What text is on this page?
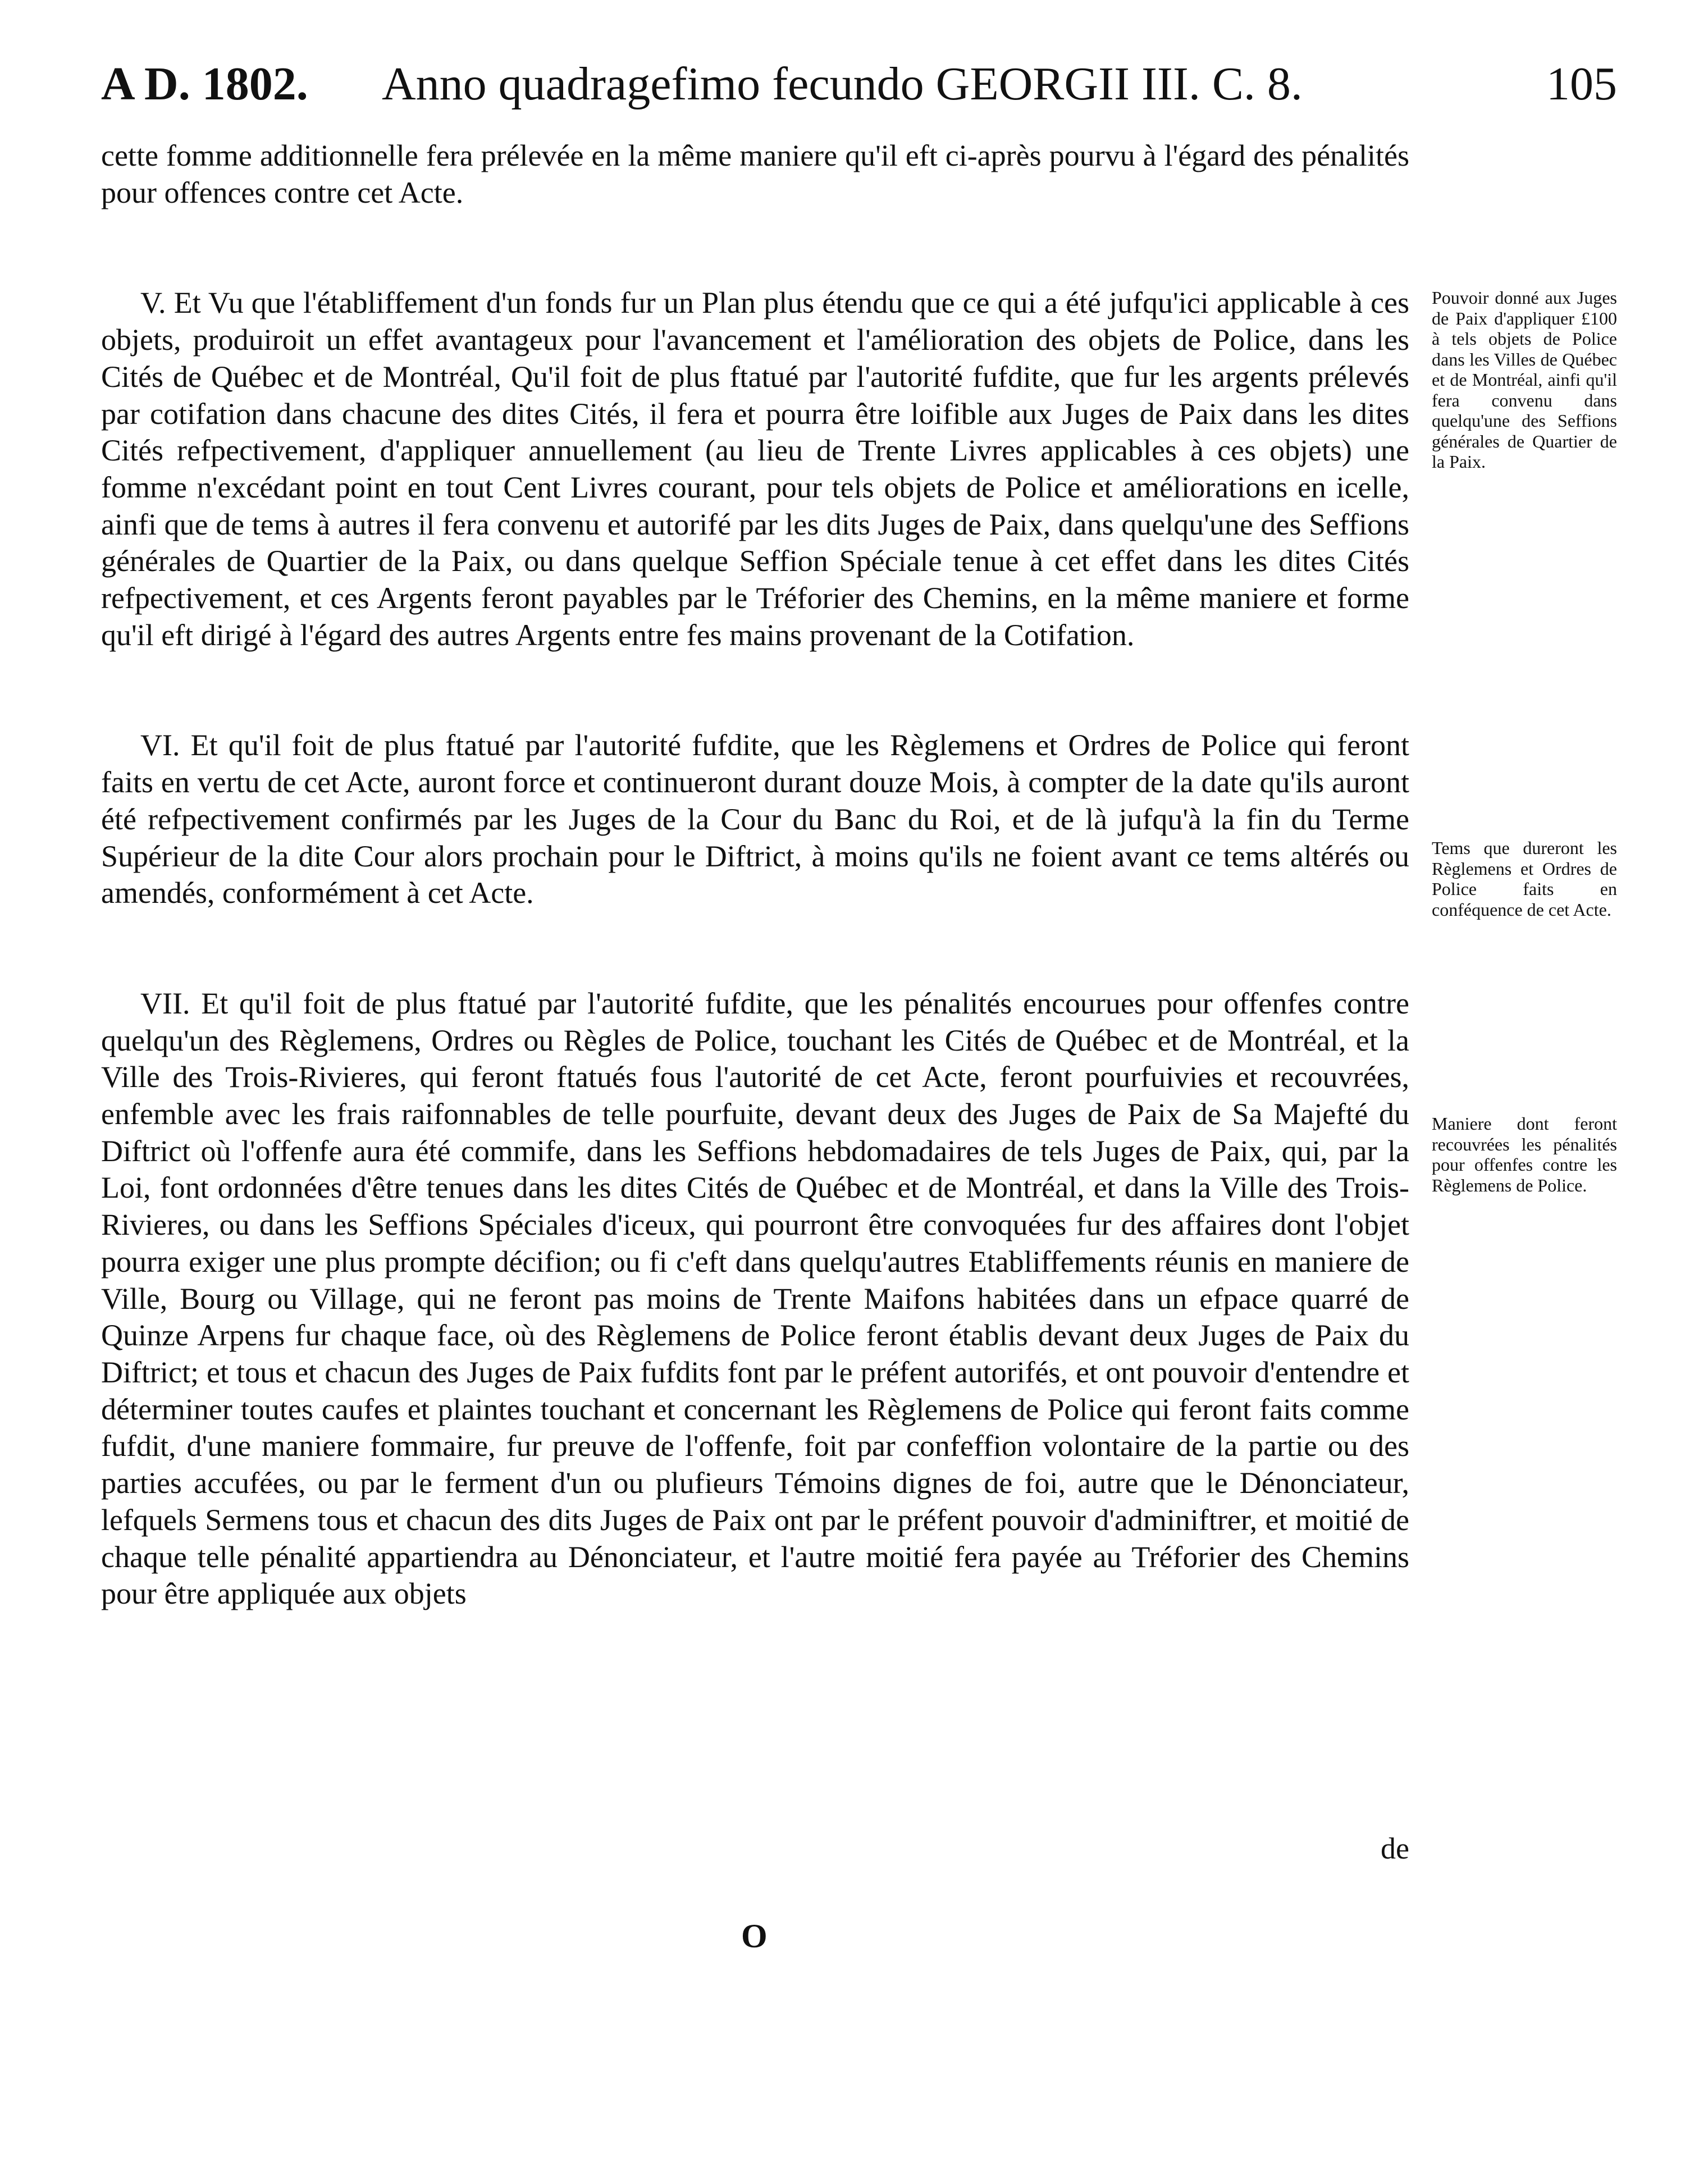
A D. 1802. Anno quadragefimo fecundo GEORGII III. C. 8.	105

cette fomme additionnelle fera prélevée en la même maniere qu'il eft ci-après pourvu à l'égard des pénalités pour offences contre cet Acte.

V. Et Vu que l'établiffement d'un fonds fur un Plan plus étendu que ce qui a été jufqu'ici applicable à ces objets, produiroit un effet avantageux pour l'avancement et l'amélioration des objets de Police, dans les Cités de Québec et de Montréal, Qu'il foit de plus ftatué par l'autorité fufdite, que fur les argents prélevés par cotifation dans chacune des dites Cités, il fera et pourra être loifible aux Juges de Paix dans les dites Cités refpectivement, d'appliquer annuellement (au lieu de Trente Livres applicables à ces objets) une fomme n'excédant point en tout Cent Livres courant, pour tels objets de Police et améliorations en icelle, ainfi que de tems à autres il fera convenu et autorifé par les dits Juges de Paix, dans quelqu'une des Seffions générales de Quartier de la Paix, ou dans quelque Seffion Spéciale tenue à cet effet dans les dites Cités refpectivement, et ces Argents feront payables par le Tréforier des Chemins, en la même maniere et forme qu'il eft dirigé à l'égard des autres Argents entre fes mains provenant de la Cotifation.

VI. Et qu'il foit de plus ftatué par l'autorité fufdite, que les Règlemens et Ordres de Police qui feront faits en vertu de cet Acte, auront force et continueront durant douze Mois, à compter de la date qu'ils auront été refpectivement confirmés par les Juges de la Cour du Banc du Roi, et de là jufqu'à la fin du Terme Supérieur de la dite Cour alors prochain pour le Diftrict, à moins qu'ils ne foient avant ce tems altérés ou amendés, conformément à cet Acte.

VII. Et qu'il foit de plus ftatué par l'autorité fufdite, que les pénalités encourues pour offenfes contre quelqu'un des Règlemens, Ordres ou Règles de Police, touchant les Cités de Québec et de Montréal, et la Ville des Trois-Rivieres, qui feront ftatués fous l'autorité de cet Acte, feront pourfuivies et recouvrées, enfemble avec les frais raifonnables de telle pourfuite, devant deux des Juges de Paix de Sa Majefté du Diftrict où l'offenfe aura été commife, dans les Seffions hebdomadaires de tels Juges de Paix, qui, par la Loi, font ordonnées d'être tenues dans les dites Cités de Québec et de Montréal, et dans la Ville des Trois-Rivieres, ou dans les Seffions Spéciales d'iceux, qui pourront être convoquées fur des affaires dont l'objet pourra exiger une plus prompte décifion; ou fi c'eft dans quelqu'autres Etabliffements réunis en maniere de Ville, Bourg ou Village, qui ne feront pas moins de Trente Maifons habitées dans un efpace quarré de Quinze Arpens fur chaque face, où des Règlemens de Police feront établis devant deux Juges de Paix du Diftrict; et tous et chacun des Juges de Paix fufdits font par le préfent autorifés, et ont pouvoir d'entendre et déterminer toutes caufes et plaintes touchant et concernant les Règlemens de Police qui feront faits comme fufdit, d'une maniere fommaire, fur preuve de l'offenfe, foit par confeffion volontaire de la partie ou des parties accufées, ou par le ferment d'un ou plufieurs Témoins dignes de foi, autre que le Dénonciateur, lefquels Sermens tous et chacun des dits Juges de Paix ont par le préfent pouvoir d'adminiftrer, et moitié de chaque telle pénalité appartiendra au Dénonciateur, et l'autre moitié fera payée au Tréforier des Chemins pour être appliquée aux objets

de
O
Pouvoir donné aux Juges de Paix d'appliquer £100 à tels objets de Police dans les Villes de Québec et de Montréal, ainfi qu'il fera convenu dans quelqu'une des Seffions générales de Quartier de la Paix.
Tems que dureront les Règlemens et Ordres de Police faits en conféquence de cet Acte.
Maniere dont feront recouvrées les pénalités pour offenfes contre les Règlemens de Police.
